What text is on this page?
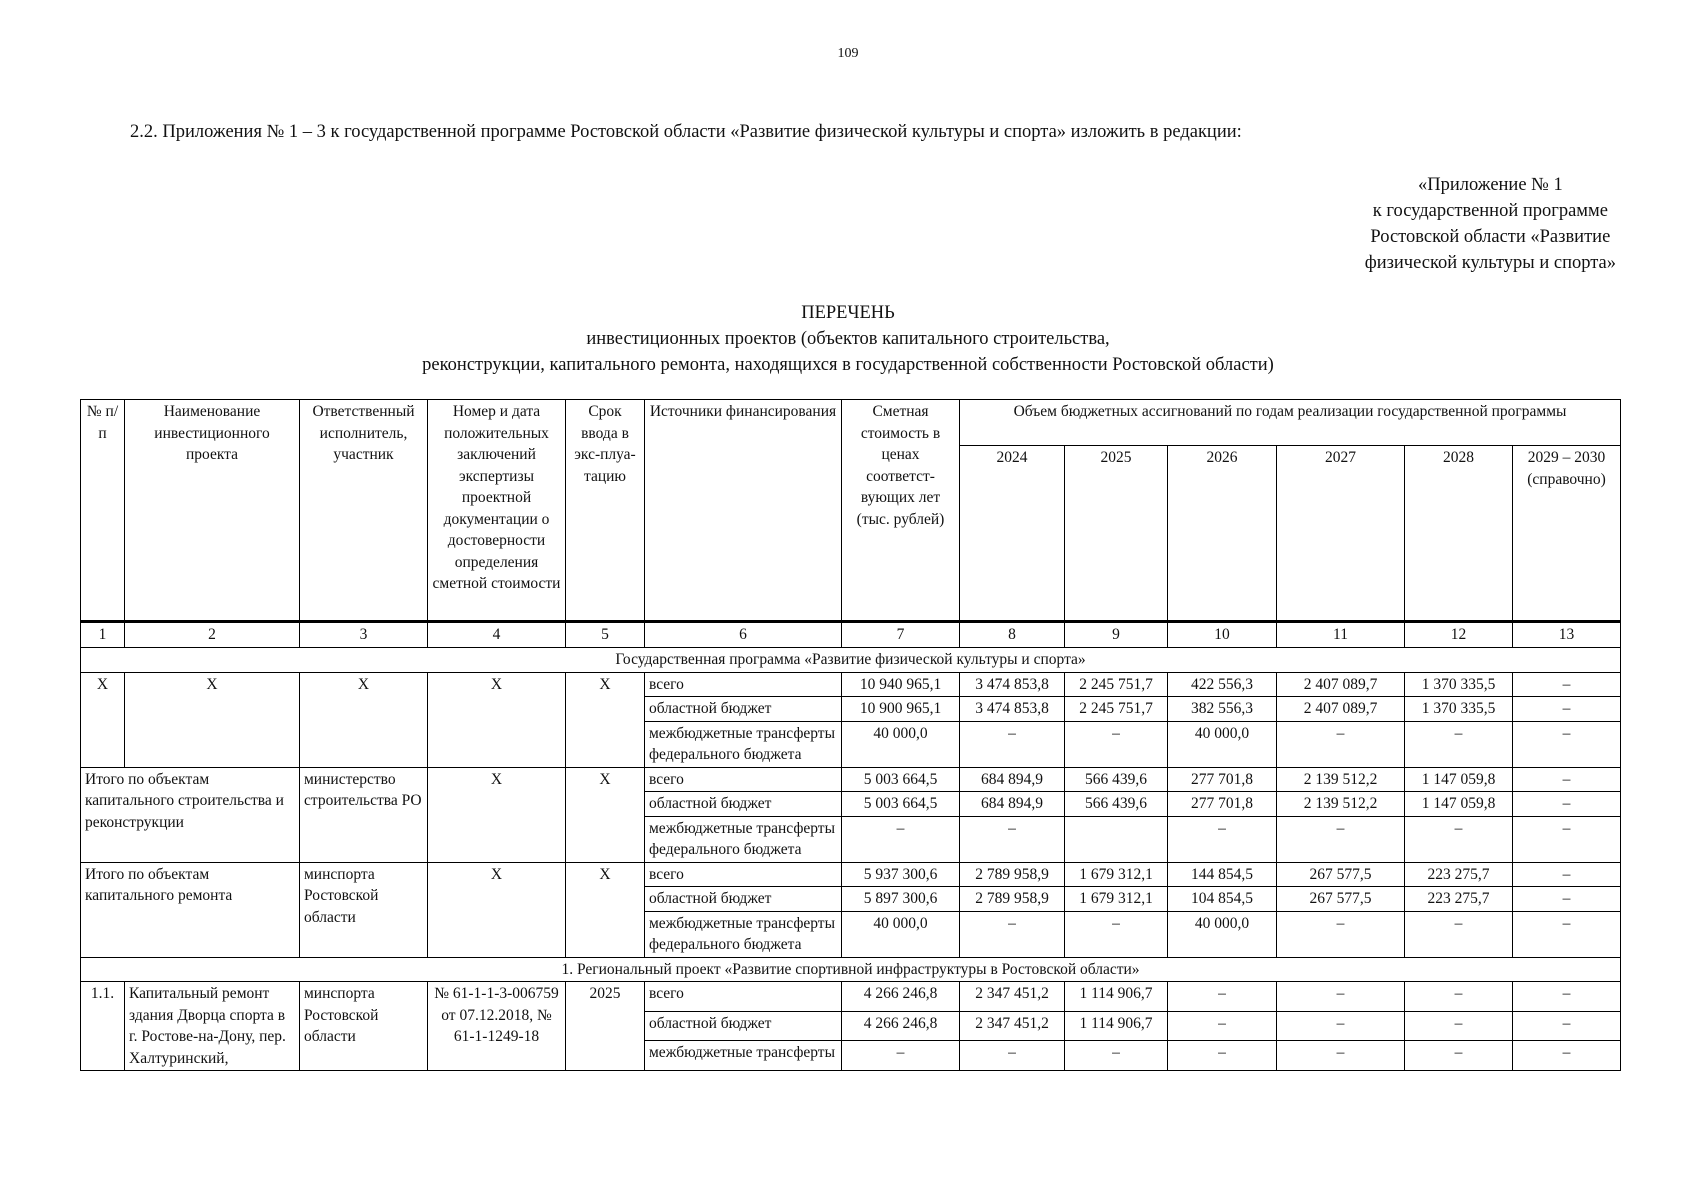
109
2.2. Приложения № 1 – 3 к государственной программе Ростовской области «Развитие физической культуры и спорта» изложить в редакции:
«Приложение № 1
к государственной программе
Ростовской области «Развитие
физической культуры и спорта»
ПЕРЕЧЕНЬ
инвестиционных проектов (объектов капитального строительства,
реконструкции, капитального ремонта, находящихся в государственной собственности Ростовской области)
№ п/п	Наименование инвестиционного проекта	Ответственный исполнитель, участник	Номер и дата положительных заключений экспертизы проектной документации о достоверности определения сметной стоимости	Срок ввода в экс-плуа-тацию	Источники финансирования	Сметная стоимость в ценах соответст-вующих лет (тыс. рублей)	Объем бюджетных ассигнований по годам реализации государственной программы					
							2024	2025	2026	2027	2028	2029 – 2030 (справочно)
1	2	3	4	5	6	7	8	9	10	11	12	13
Государственная программа «Развитие физической культуры и спорта»												
Х	Х	Х	Х	Х	всего	10 940 965,1	3 474 853,8	2 245 751,7	422 556,3	2 407 089,7	1 370 335,5	–
					областной бюджет	10 900 965,1	3 474 853,8	2 245 751,7	382 556,3	2 407 089,7	1 370 335,5	–
					межбюджетные трансферты федерального бюджета	40 000,0	–	–	40 000,0	–	–	–
Итого по объектам капитального строительства и реконструкции		министерство строительства РО	Х	Х	всего	5 003 664,5	684 894,9	566 439,6	277 701,8	2 139 512,2	1 147 059,8	–
					областной бюджет	5 003 664,5	684 894,9	566 439,6	277 701,8	2 139 512,2	1 147 059,8	–
					межбюджетные трансферты федерального бюджета	–	–		–	–	–	–
Итого по объектам капитального ремонта		минспорта Ростовской области	Х	Х	всего	5 937 300,6	2 789 958,9	1 679 312,1	144 854,5	267 577,5	223 275,7	–
					областной бюджет	5 897 300,6	2 789 958,9	1 679 312,1	104 854,5	267 577,5	223 275,7	–
					межбюджетные трансферты федерального бюджета	40 000,0	–	–	40 000,0	–	–	–
1. Региональный проект «Развитие спортивной инфраструктуры в Ростовской области»												
1.1.	Капитальный ремонт здания Дворца спорта в г. Ростове-на-Дону, пер. Халтуринский,	минспорта Ростовской области	№ 61-1-1-3-006759 от 07.12.2018, № 61-1-1249-18	2025	всего	4 266 246,8	2 347 451,2	1 114 906,7	–	–	–	–
					областной бюджет	4 266 246,8	2 347 451,2	1 114 906,7	–	–	–	–
					межбюджетные трансферты	–	–	–	–	–	–	–
